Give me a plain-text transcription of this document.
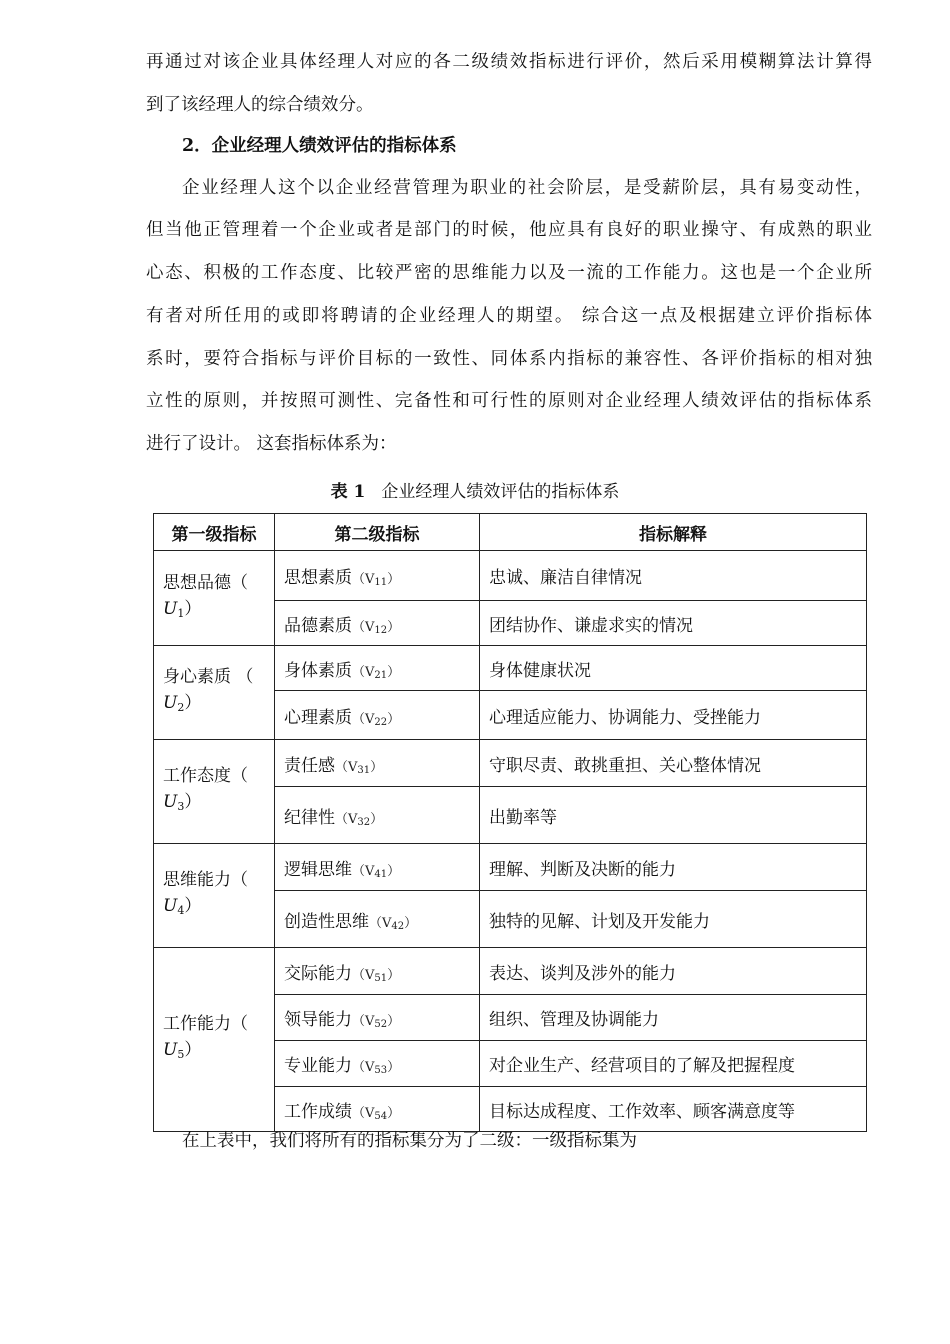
再通过对该企业具体经理人对应的各二级绩效指标进行评价，然后采用模糊算法计算得
到了该经理人的综合绩效分。
2．企业经理人绩效评估的指标体系
企业经理人这个以企业经营管理为职业的社会阶层，是受薪阶层，具有易变动性，
但当他正管理着一个企业或者是部门的时候，他应具有良好的职业操守、有成熟的职业
心态、积极的工作态度、比较严密的思维能力以及一流的工作能力。这也是一个企业所
有者对所任用的或即将聘请的企业经理人的期望。 综合这一点及根据建立评价指标体
系时，要符合指标与评价目标的一致性、同体系内指标的兼容性、各评价指标的相对独
立性的原则，并按照可测性、完备性和可行性的原则对企业经理人绩效评估的指标体系
进行了设计。 这套指标体系为：
表 1 企业经理人绩效评估的指标体系
第一级指标	第二级指标	指标解释
思想品德（
$U_1$）	思想素质（V11）	忠诚、廉洁自律情况
	品德素质（V12）	团结协作、谦虚求实的情况
身心素质 （
$U_2$）	身体素质（V21）	身体健康状况
	心理素质（V22）	心理适应能力、协调能力、受挫能力
工作态度（
$U_3$）	责任感（V31）	守职尽责、敢挑重担、关心整体情况
	纪律性（V32）	出勤率等
思维能力（
$U_4$）	逻辑思维（V41）	理解、判断及决断的能力
	创造性思维（V42）	独特的见解、计划及开发能力
工作能力（
$U_5$）	交际能力（V51）	表达、谈判及涉外的能力
	领导能力（V52）	组织、管理及协调能力
	专业能力（V53）	对企业生产、经营项目的了解及把握程度
	工作成绩（V54）	目标达成程度、工作效率、顾客满意度等
在上表中，我们将所有的指标集分为了二级：一级指标集为
